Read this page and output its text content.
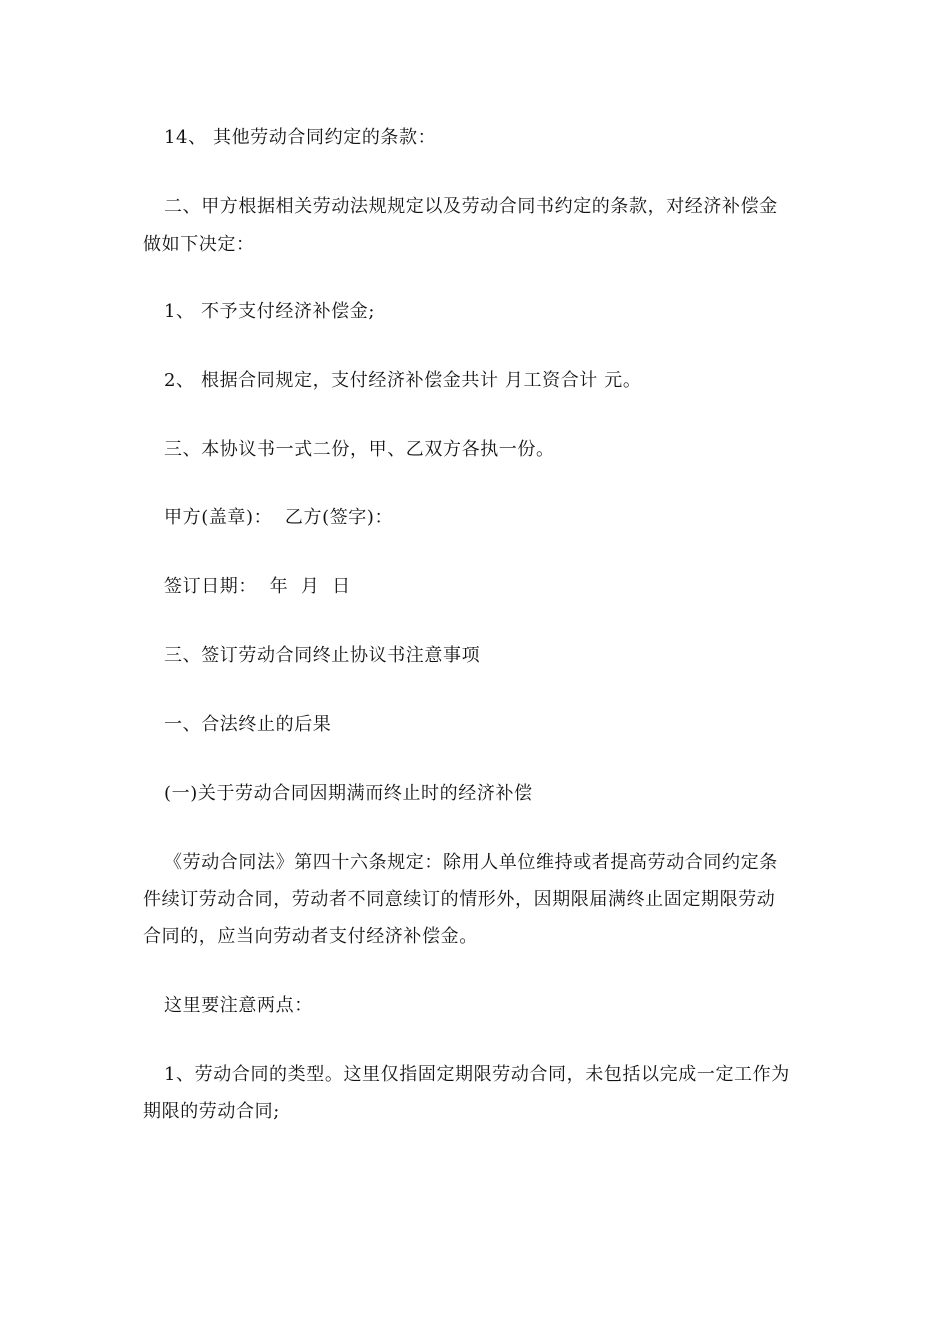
14、 其他劳动合同约定的条款：
二、甲方根据相关劳动法规规定以及劳动合同书约定的条款，对经济补偿金
做如下决定：
1、 不予支付经济补偿金;
2、 根据合同规定，支付经济补偿金共计 月工资合计 元。
三、本协议书一式二份，甲、乙双方各执一份。
甲方(盖章)：  乙方(签字)：
签订日期：  年  月  日
三、签订劳动合同终止协议书注意事项
一、合法终止的后果
(一)关于劳动合同因期满而终止时的经济补偿
《劳动合同法》第四十六条规定：除用人单位维持或者提高劳动合同约定条
件续订劳动合同，劳动者不同意续订的情形外，因期限届满终止固定期限劳动
合同的，应当向劳动者支付经济补偿金。
这里要注意两点：
1、劳动合同的类型。这里仅指固定期限劳动合同，未包括以完成一定工作为
期限的劳动合同;
